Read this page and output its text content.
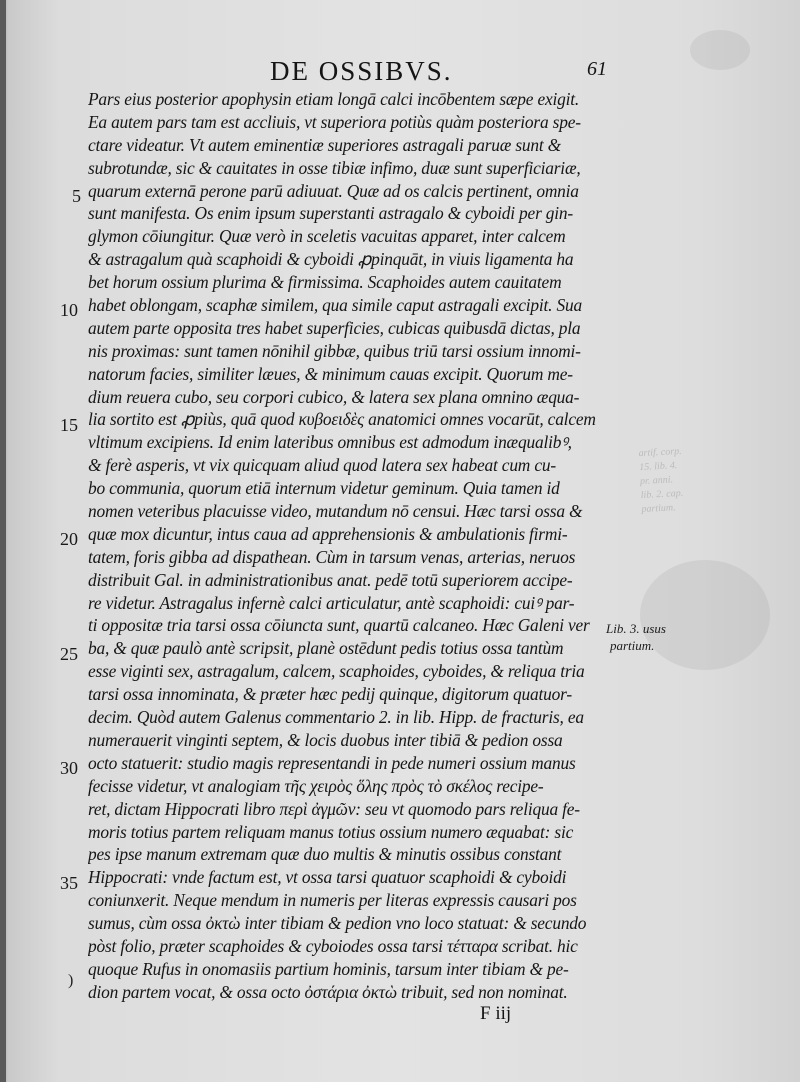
DE OSSIBVS.	61
Pars eius posterior apophysin etiam longā calci incōbentem sæpe exigit.
Ea autem pars tam est accliuis, vt superiora potiùs quàm posteriora spe-
ctare videatur. Vt autem eminentiæ superiores astragali paruæ sunt &
subrotundæ, sic & cauitates in osse tibiæ infimo, duæ sunt superficiariæ,
quarum externā perone parū adiuuat. Quæ ad os calcis pertinent, omnia
sunt manifesta. Os enim ipsum superstanti astragalo & cyboidi per gin-
glymon cōiungitur. Quæ verò in sceletis vacuitas apparet, inter calcem
& astragalum quà scaphoidi & cyboidi ꝓpinquāt, in viuis ligamenta ha
bet horum ossium plurima & firmissima. Scaphoides autem cauitatem
habet oblongam, scaphæ similem, qua simile caput astragali excipit. Sua
autem parte opposita tres habet superficies, cubicas quibusdā dictas, pla
nis proximas: sunt tamen nōnihil gibbæ, quibus triū tarsi ossium innomi-
natorum facies, similiter læues, & minimum cauas excipit. Quorum me-
dium reuera cubo, seu corpori cubico, & latera sex plana omnino æqua-
lia sortito est ꝓpiùs, quā quod κυβοειδὲς anatomici omnes vocarūt, calcem
vltimum excipiens. Id enim lateribus omnibus est admodum inæqualibꝰ,
& ferè asperis, vt vix quicquam aliud quod latera sex habeat cum cu-
bo communia, quorum etiā internum videtur geminum. Quia tamen id
nomen veteribus placuisse video, mutandum nō censui. Hæc tarsi ossa &
quæ mox dicuntur, intus caua ad apprehensionis & ambulationis firmi-
tatem, foris gibba ad dispathean. Cùm in tarsum venas, arterias, neruos
distribuit Gal. in administrationibus anat. pedē totū superiorem accipe-
re videtur. Astragalus infernè calci articulatur, antè scaphoidi: cuiꝰ par-
ti oppositæ tria tarsi ossa cōiuncta sunt, quartū calcaneo. Hæc Galeni ver
ba, & quæ paulò antè scripsit, planè ostēdunt pedis totius ossa tantùm
esse viginti sex, astragalum, calcem, scaphoides, cyboides, & reliqua tria
tarsi ossa innominata, & præter hæc pedij quinque, digitorum quatuor-
decim. Quòd autem Galenus commentario 2. in lib. Hipp. de fracturis, ea
numerauerit vinginti septem, & locis duobus inter tibiā & pedion ossa
octo statuerit: studio magis representandi in pede numeri ossium manus
fecisse videtur, vt analogiam τῆς χειρὸς ὅλης πρὸς τὸ σκέλος recipe-
ret, dictam Hippocrati libro περὶ ἀγμῶν: seu vt quomodo pars reliqua fe-
moris totius partem reliquam manus totius ossium numero æquabat: sic
pes ipse manum extremam quæ duo multis & minutis ossibus constant
Hippocrati: vnde factum est, vt ossa tarsi quatuor scaphoidi & cyboidi
coniunxerit. Neque mendum in numeris per literas expressis causari pos
sumus, cùm ossa ὀκτὼ inter tibiam & pedion vno loco statuat: & secundo
pòst folio, præter scaphoides & cyboiodes ossa tarsi τέτταρα scribat. hic
quoque Rufus in onomasiis partium hominis, tarsum inter tibiam & pe-
dion partem vocat, & ossa octo ὀστάρια ὀκτὼ tribuit, sed non nominat.
5
10
15
20
25
30
35
artif. corp.
15. lib. 4.
pr. anni.
lib. 2. cap.
partium.
Lib. 3. usus
partium.
)
F iij
